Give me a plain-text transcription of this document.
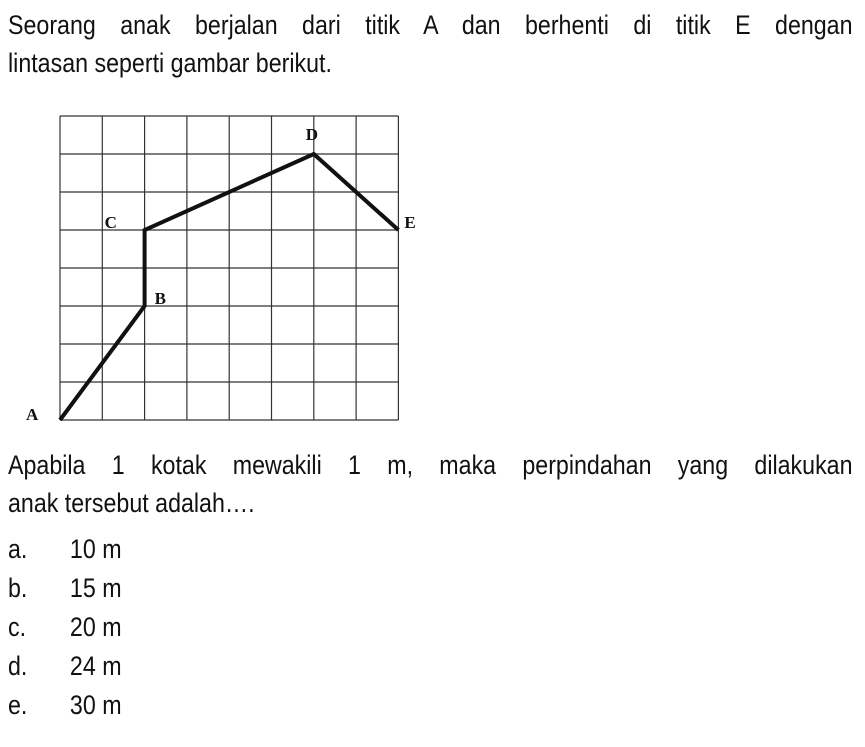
Seorang anak berjalan dari titik A dan berhenti di titik E dengan
lintasan seperti gambar berikut.
A
B
C
D
E
Apabila 1 kotak mewakili 1 m, maka perpindahan yang dilakukan
anak tersebut adalah….
a.	10 m
b.	15 m
c.	20 m
d.	24 m
e.	30 m
